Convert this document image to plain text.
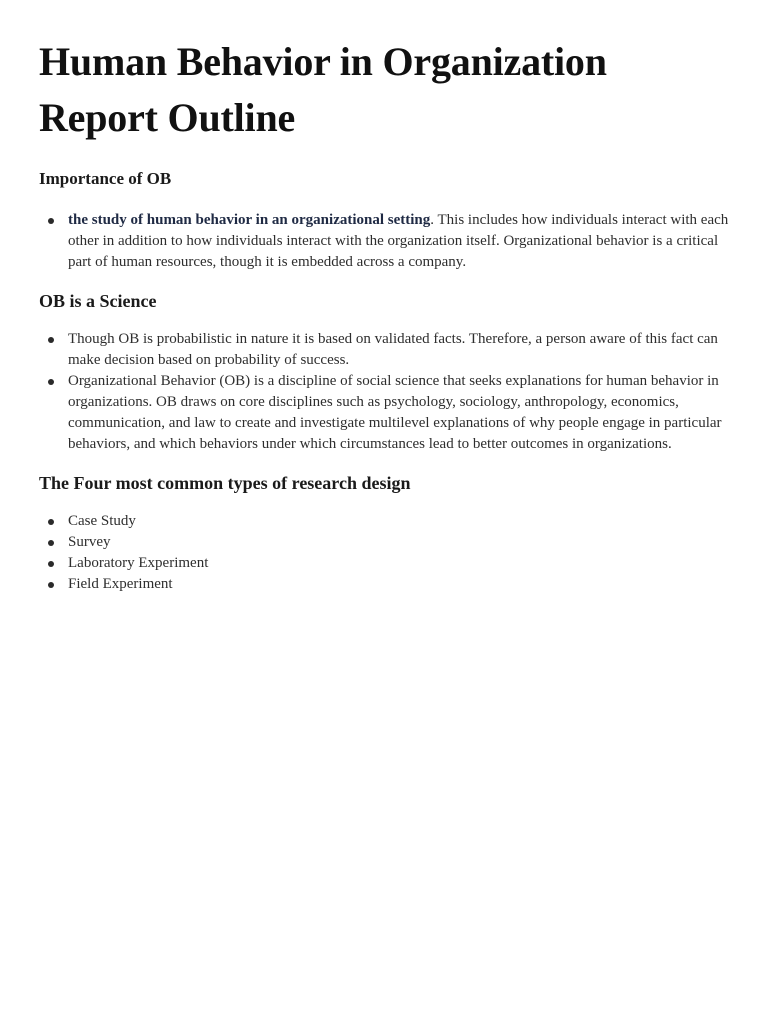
Human Behavior in Organization Report Outline
Importance of OB
the study of human behavior in an organizational setting. This includes how individuals interact with each other in addition to how individuals interact with the organization itself. Organizational behavior is a critical part of human resources, though it is embedded across a company.
OB is a Science
Though OB is probabilistic in nature it is based on validated facts. Therefore, a person aware of this fact can make decision based on probability of success.
Organizational Behavior (OB) is a discipline of social science that seeks explanations for human behavior in organizations. OB draws on core disciplines such as psychology, sociology, anthropology, economics, communication, and law to create and investigate multilevel explanations of why people engage in particular behaviors, and which behaviors under which circumstances lead to better outcomes in organizations.
The Four most common types of research design
Case Study
Survey
Laboratory Experiment
Field Experiment
